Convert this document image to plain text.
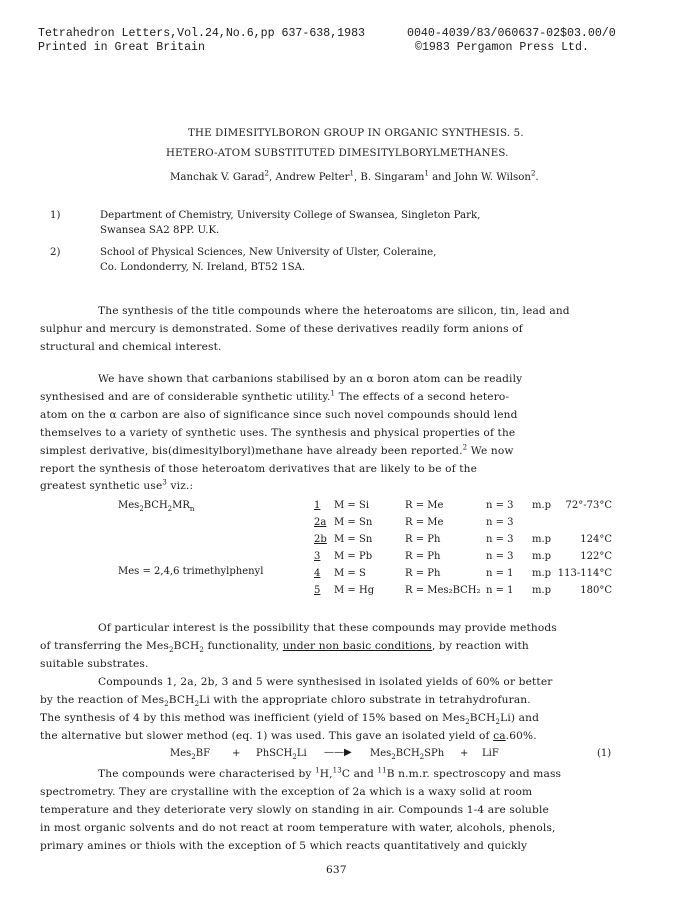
Tetrahedron Letters,Vol.24,No.6,pp 637-638,1983
Printed in Great Britain
0040-4039/83/060637-02$03.00/0
©1983 Pergamon Press Ltd.
THE DIMESITYLBORON GROUP IN ORGANIC SYNTHESIS. 5.
HETERO-ATOM SUBSTITUTED DIMESITYLBORYLMETHANES.
Manchak V. Garad$^2$, Andrew Pelter$^1$, B. Singaram$^1$ and John W. Wilson$^2$.
1)	Department of Chemistry, University College of Swansea, Singleton Park,
Swansea SA2 8PP. U.K.
2)	School of Physical Sciences, New University of Ulster, Coleraine,
Co. Londonderry, N. Ireland, BT52 1SA.
The synthesis of the title compounds where the heteroatoms are silicon, tin, lead and
sulphur and mercury is demonstrated. Some of these derivatives readily form anions of
structural and chemical interest.
We have shown that carbanions stabilised by an α boron atom can be readily
synthesised and are of considerable synthetic utility.$^1$ The effects of a second hetero-
atom on the α carbon are also of significance since such novel compounds should lend
themselves to a variety of synthetic uses. The synthesis and physical properties of the
simplest derivative, bis(dimesitylboryl)methane have already been reported.$^2$ We now
report the synthesis of those heteroatom derivatives that are likely to be of the
greatest synthetic use$^3$ viz.:
$Mes_2BCH_2MR_n$
Mes = 2,4,6 trimethylphenyl
1 M = Si	R = Me	n = 3 m.p 72°-73°C
2a M = Sn	R = Me	n = 3
2b M = Sn	R = Ph	n = 3 m.p	124°C
3 M = Pb	R = Ph	n = 3 m.p	122°C
4 M = S	R = Ph	n = 1 m.p 113-114°C
5 M = Hg	R = Mes₂BCH₂ n = 1 m.p	180°C
Of particular interest is the possibility that these compounds may provide methods
of transferring the $Mes_2BCH_2$ functionality, under non basic conditions, by reaction with
suitable substrates.
Compounds 1, 2a, 2b, 3 and 5 were synthesised in isolated yields of 60% or better
by the reaction of $Mes_2BCH_2Li$ with the appropriate chloro substrate in tetrahydrofuran.
The synthesis of 4 by this method was inefficient (yield of 15% based on $Mes_2BCH_2Li$) and
the alternative but slower method (eq. 1) was used. This gave an isolated yield of ca.60%.
Mes$_2$BF + PhSCH$_2$Li ——▶ $Mes_2BCH_2SPh$ + LiF	(1)
The compounds were characterised by $^1$H,$^{13}$C and $^{11}$B n.m.r. spectroscopy and mass
spectrometry. They are crystalline with the exception of 2a which is a waxy solid at room
temperature and they deteriorate very slowly on standing in air. Compounds 1-4 are soluble
in most organic solvents and do not react at room temperature with water, alcohols, phenols,
primary amines or thiols with the exception of 5 which reacts quantitatively and quickly
637
